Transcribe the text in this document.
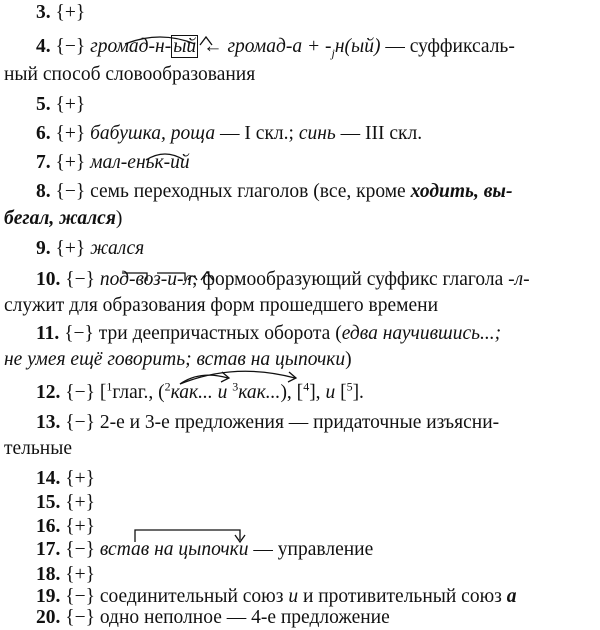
3. {+}
4. {−} громад-н- ый ← громад-а + $-_јн(ый)$ — суффиксаль-
ный способ словообразования
5. {+}
6. {+} бабушка, роща — I скл.; синь — III скл.
7. {+} мал-еньк-ий
8. {−} семь переходных глаголов (все, кроме ходить, вы-
бегал, жался)
9. {+} жался
10. {−} под-воз-и-л; формообразующий суффикс глагола -л-
служит для образования форм прошедшего времени
11. {−} три деепричастных оборота (едва научившись...;
не умея ещё говорить; встав на цыпочки)
12. {−} [$^1$глаг., ($^2$как... и $^3$как...), [$^4$], и [$^5$].
13. {−} 2-е и 3-е предложения — придаточные изъясни-
тельные
14. {+}
15. {+}
16. {+}
17. {−} встав на цыпочки — управление
18. {+}
19. {−} соединительный союз и и противительный союз а
20. {−} одно неполное — 4-е предложение
